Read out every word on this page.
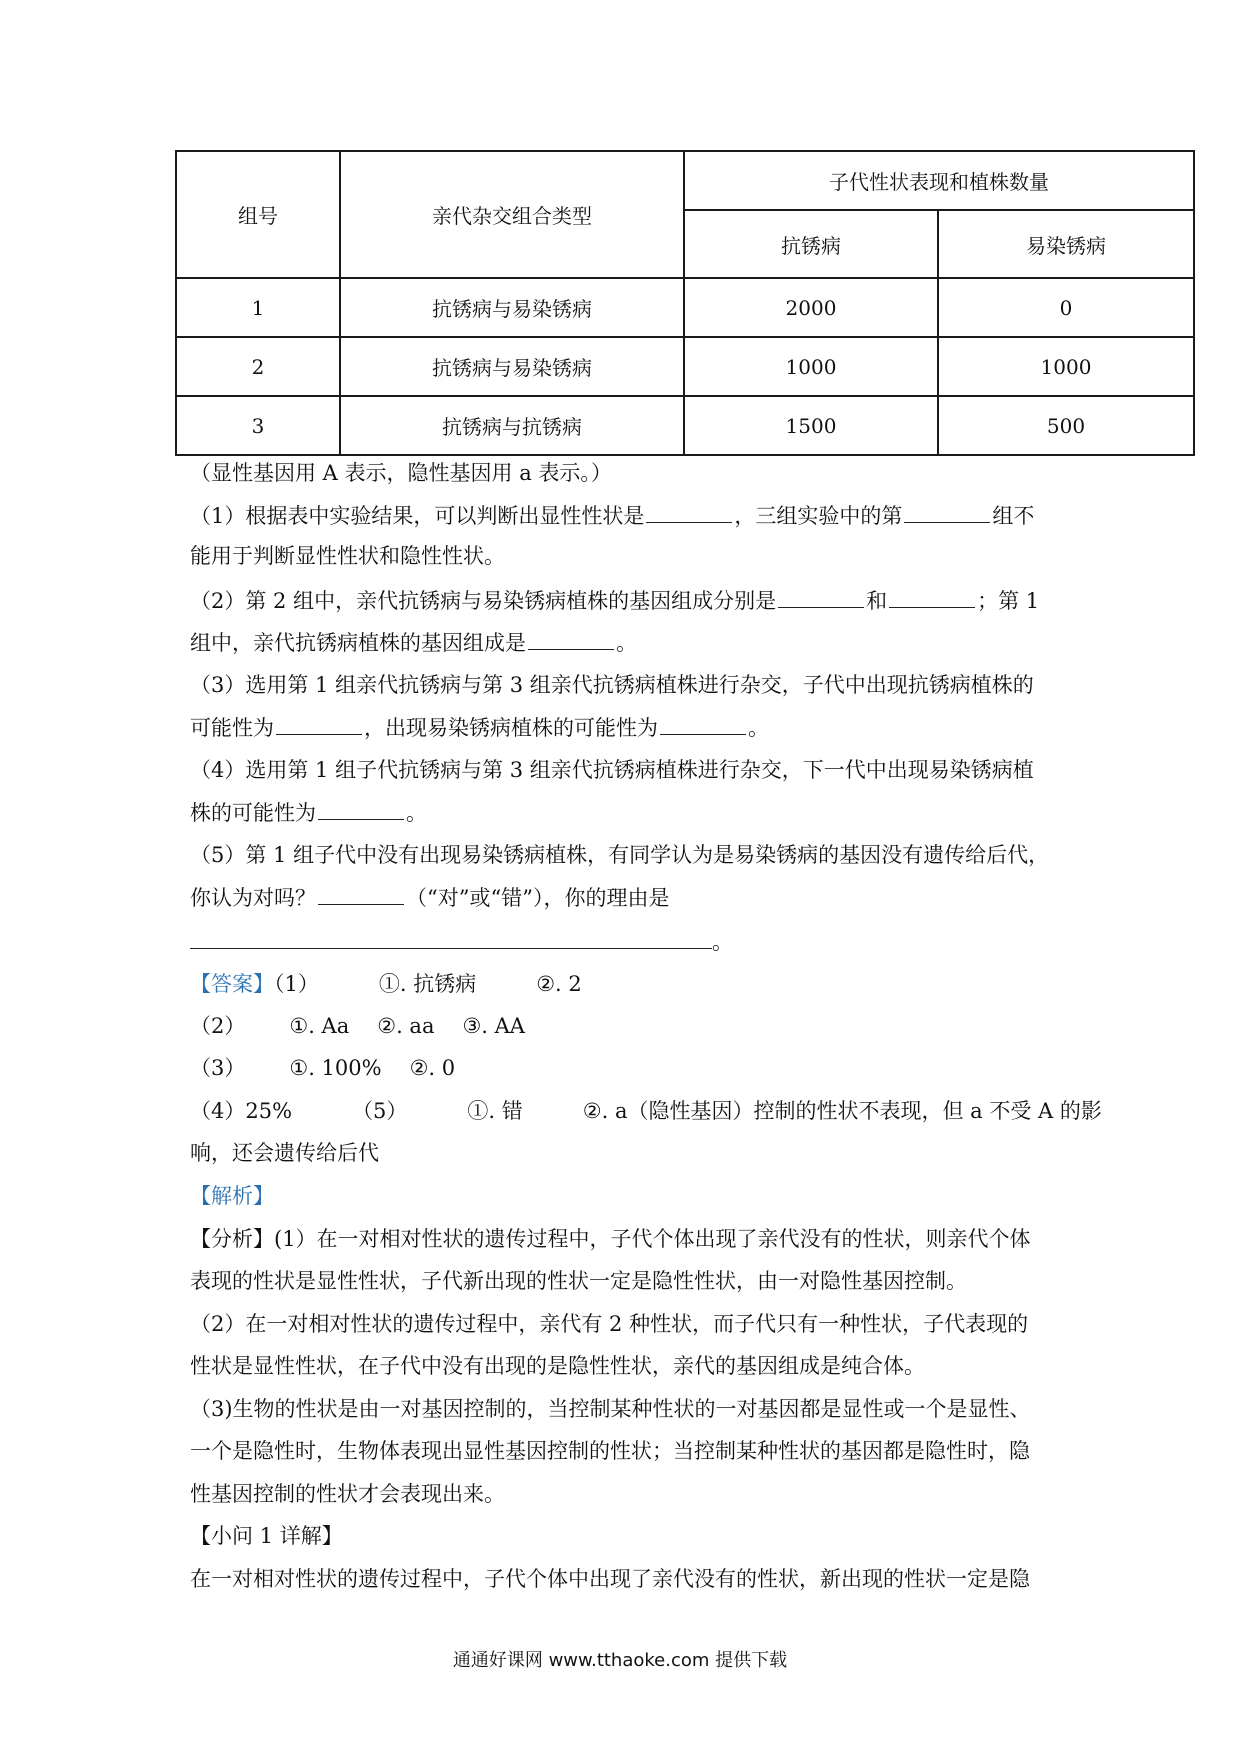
组号	亲代杂交组合类型	子代性状表现和植株数量	
		抗锈病	易染锈病
1	抗锈病与易染锈病	2000	0
2	抗锈病与易染锈病	1000	1000
3	抗锈病与抗锈病	1500	500
（显性基因用 A 表示，隐性基因用 a 表示。）
（1）根据表中实验结果，可以判断出显性性状是	，三组实验中的第	组不
能用于判断显性性状和隐性性状。
（2）第 2 组中，亲代抗锈病与易染锈病植株的基因组成分别是	和	；第 1
组中，亲代抗锈病植株的基因组成是	。
（3）选用第 1 组亲代抗锈病与第 3 组亲代抗锈病植株进行杂交，子代中出现抗锈病植株的
可能性为	，出现易染锈病植株的可能性为	。
（4）选用第 1 组子代抗锈病与第 3 组亲代抗锈病植株进行杂交，下一代中出现易染锈病植
株的可能性为	。
（5）第 1 组子代中没有出现易染锈病植株，有同学认为是易染锈病的基因没有遗传给后代，
你认为对吗？	（“对”或“错”），你的理由是
。
【答案】（1）	①. 抗锈病	②. 2
（2） ①. Aa ②. aa ③. AA
（3） ①. 100% ②. 0
（4）25%	（5）	①. 错	②. a（隐性基因）控制的性状不表现，但 a 不受 A 的影
响，还会遗传给后代
【解析】
【分析】(1）在一对相对性状的遗传过程中，子代个体出现了亲代没有的性状，则亲代个体
表现的性状是显性性状，子代新出现的性状一定是隐性性状，由一对隐性基因控制。
（2）在一对相对性状的遗传过程中，亲代有 2 种性状，而子代只有一种性状，子代表现的
性状是显性性状，在子代中没有出现的是隐性性状，亲代的基因组成是纯合体。
（3)生物的性状是由一对基因控制的，当控制某种性状的一对基因都是显性或一个是显性、
一个是隐性时，生物体表现出显性基因控制的性状；当控制某种性状的基因都是隐性时，隐
性基因控制的性状才会表现出来。
【小问 1 详解】
在一对相对性状的遗传过程中，子代个体中出现了亲代没有的性状，新出现的性状一定是隐
通通好课网 www.tthaoke.com 提供下载
